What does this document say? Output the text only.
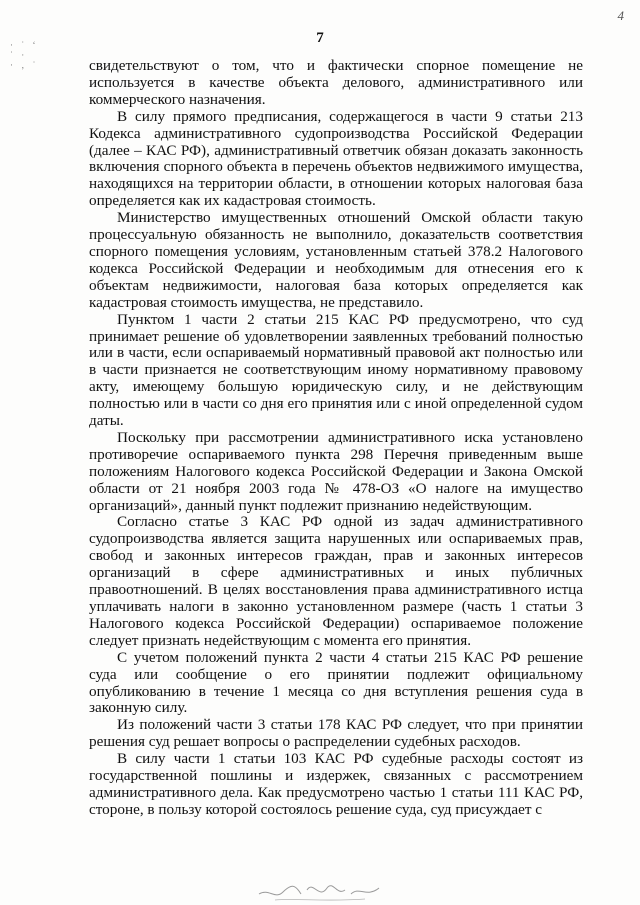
4
7
· ˙ ‘
˙ ·
· ‚ ˙	свидетельствуют о том, что и фактически спорное помещение не используется в качестве объекта делового, административного или коммерческого назначения.

В силу прямого предписания, содержащегося в части 9 статьи 213 Кодекса административного судопроизводства Российской Федерации (далее – КАС РФ), административный ответчик обязан доказать законность включения спорного объекта в перечень объектов недвижимого имущества, находящихся на территории области, в отношении которых налоговая база определяется как их кадастровая стоимость.

Министерство имущественных отношений Омской области такую процессуальную обязанность не выполнило, доказательств соответствия спорного помещения условиям, установленным статьей 378.2 Налогового кодекса Российской Федерации и необходимым для отнесения его к объектам недвижимости, налоговая база которых определяется как кадастровая стоимость имущества, не представило.

Пунктом 1 части 2 статьи 215 КАС РФ предусмотрено, что суд принимает решение об удовлетворении заявленных требований полностью или в части, если оспариваемый нормативный правовой акт полностью или в части признается не соответствующим иному нормативному правовому акту, имеющему большую юридическую силу, и не действующим полностью или в части со дня его принятия или с иной определенной судом даты.

Поскольку при рассмотрении административного иска установлено противоречие оспариваемого пункта 298 Перечня приведенным выше положениям Налогового кодекса Российской Федерации и Закона Омской области от 21 ноября 2003 года № 478-ОЗ «О налоге на имущество организаций», данный пункт подлежит признанию недействующим.

Согласно статье 3 КАС РФ одной из задач административного судопроизводства является защита нарушенных или оспариваемых прав, свобод и законных интересов граждан, прав и законных интересов организаций в сфере административных и иных публичных правоотношений. В целях восстановления права административного истца уплачивать налоги в законно установленном размере (часть 1 статьи 3 Налогового кодекса Российской Федерации) оспариваемое положение следует признать недействующим с момента его принятия.

С учетом положений пункта 2 части 4 статьи 215 КАС РФ решение суда или сообщение о его принятии подлежит официальному опубликованию в течение 1 месяца со дня вступления решения суда в законную силу.

Из положений части 3 статьи 178 КАС РФ следует, что при принятии решения суд решает вопросы о распределении судебных расходов.

В силу части 1 статьи 103 КАС РФ судебные расходы состоят из государственной пошлины и издержек, связанных с рассмотрением административного дела. Как предусмотрено частью 1 статьи 111 КАС РФ, стороне, в пользу которой состоялось решение суда, суд присуждает с
